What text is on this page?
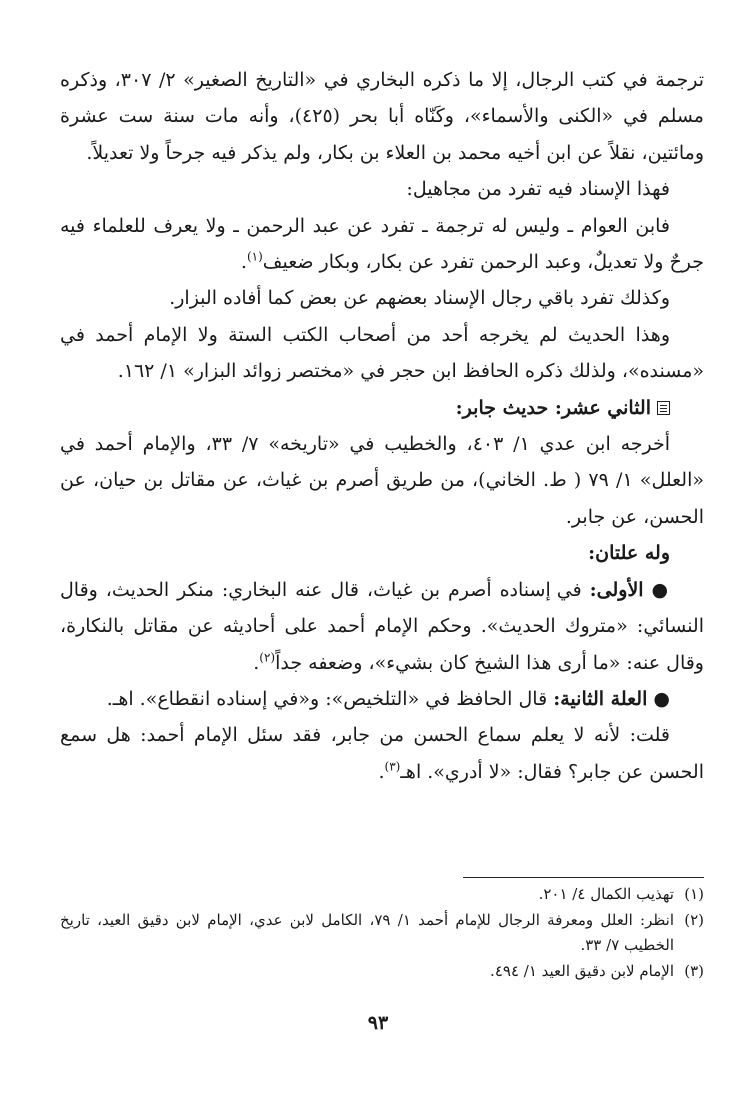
ترجمة في كتب الرجال، إلا ما ذكره البخاري في «التاريخ الصغير» ٢/ ٣٠٧، وذكره مسلم في «الكنى والأسماء»، وكَنّاه أبا بحر (٤٢٥)، وأنه مات سنة ست عشرة ومائتين، نقلاً عن ابن أخيه محمد بن العلاء بن بكار، ولم يذكر فيه جرحاً ولا تعديلاً.

فهذا الإسناد فيه تفرد من مجاهيل:

فابن العوام ـ وليس له ترجمة ـ تفرد عن عبد الرحمن ـ ولا يعرف للعلماء فيه جرحٌ ولا تعديلٌ، وعبد الرحمن تفرد عن بكار، وبكار ضعيف$^{(١)}$.

وكذلك تفرد باقي رجال الإسناد بعضهم عن بعض كما أفاده البزار.

وهذا الحديث لم يخرجه أحد من أصحاب الكتب الستة ولا الإمام أحمد في «مسنده»، ولذلك ذكره الحافظ ابن حجر في «مختصر زوائد البزار» ١/ ١٦٢.

الثاني عشر: حديث جابر:

أخرجه ابن عدي ١/ ٤٠٣، والخطيب في «تاريخه» ٧/ ٣٣، والإمام أحمد في «العلل» ١/ ٧٩ ( ط. الخاني)، من طريق أصرم بن غياث، عن مقاتل بن حيان، عن الحسن، عن جابر.

وله علتان:

● الأولى: في إسناده أصرم بن غياث، قال عنه البخاري: منكر الحديث، وقال النسائي: «متروك الحديث». وحكم الإمام أحمد على أحاديثه عن مقاتل بالنكارة، وقال عنه: «ما أرى هذا الشيخ كان بشيء»، وضعفه جداً$^{(٢)}$.

● العلة الثانية: قال الحافظ في «التلخيص»: و«في إسناده انقطاع». اهـ.

قلت: لأنه لا يعلم سماع الحسن من جابر، فقد سئل الإمام أحمد: هل سمع الحسن عن جابر؟ فقال: «لا أدري». اهـ$^{(٣)}$.

(١)
تهذيب الكمال ٤/ ٢٠١.
(٢)
انظر: العلل ومعرفة الرجال للإمام أحمد ١/ ٧٩، الكامل لابن عدي، الإمام لابن دقيق العيد، تاريخ الخطيب ٧/ ٣٣.
(٣)
الإمام لابن دقيق العيد ١/ ٤٩٤.
٩٣
